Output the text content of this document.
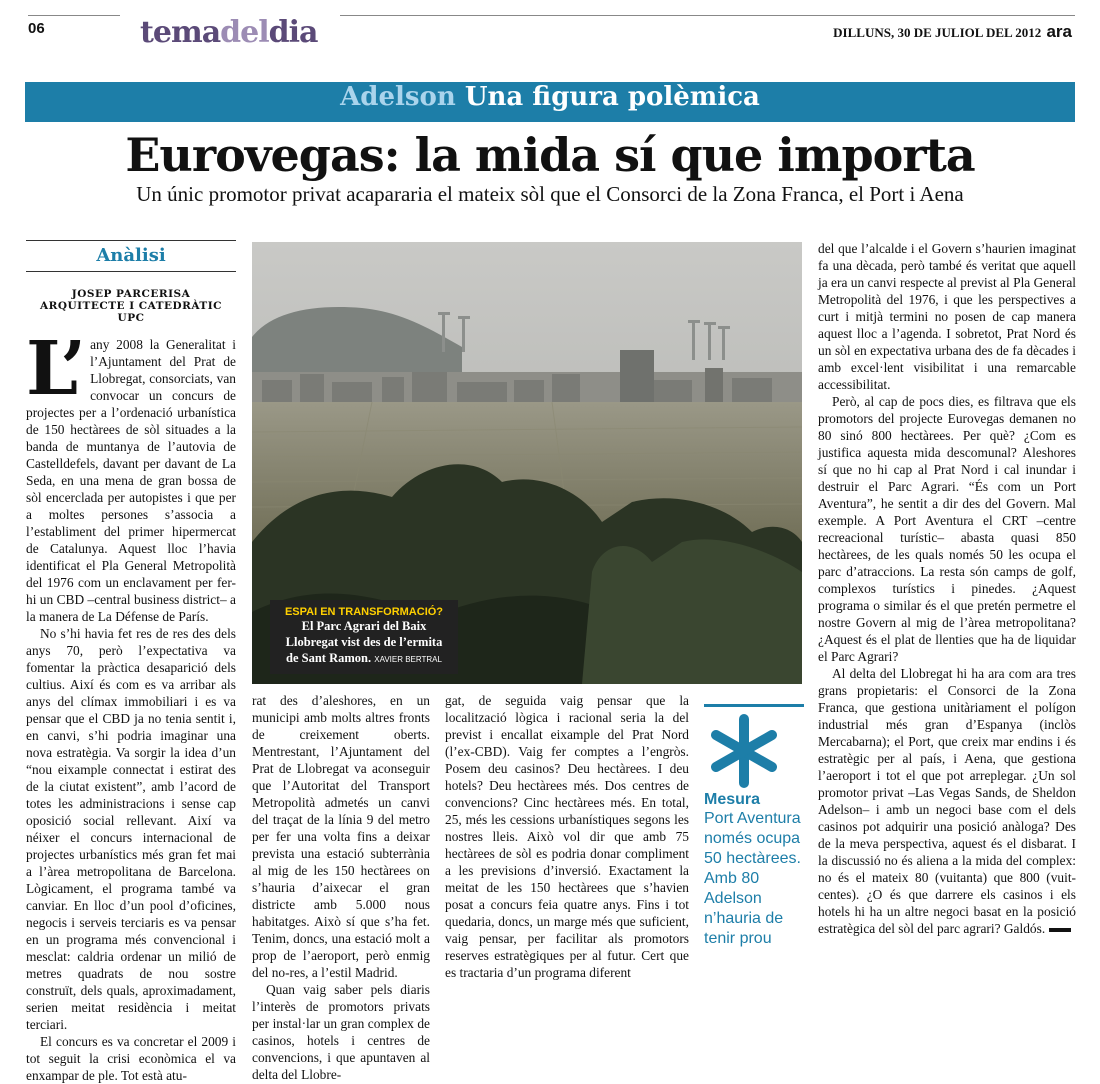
06	temadeldia	DILLUNS, 30 DE JULIOL DEL 2012 ara
Adelson Una figura polèmica
Eurovegas: la mida sí que importa
Un únic promotor privat acapararia el mateix sòl que el Consorci de la Zona Franca, el Port i Aena
Anàlisi
JOSEP PARCERISA
ARQUITECTE I CATEDRÀTIC UPC

L’ any 2008 la Generalitat i l’Ajuntament del Prat de Llobregat, consorciats, van convocar un concurs de projectes per a l’ordenació urbanística de 150 hectàrees de sòl situades a la banda de muntanya de l’autovia de Castelldefels, davant per davant de La Seda, en una mena de gran bossa de sòl encerclada per autopistes i que per a moltes persones s’associa a l’establiment del primer hipermercat de Catalunya. Aquest lloc l’havia identificat el Pla General Metropolità del 1976 com un enclavament per fer-hi un CBD –central business district– a la manera de La Défense de París.

No s’hi havia fet res de res des dels anys 70, però l’expectativa va fomentar la pràctica desaparició dels cultius. Així és com es va arribar als anys del clímax immobiliari i es va pensar que el CBD ja no tenia sentit i, en canvi, s’hi podria imaginar una nova estratègia. Va sorgir la idea d’un “nou eixample connectat i estirat des de la ciutat existent”, amb l’acord de totes les administracions i sense cap oposició social rellevant. Així va néixer el concurs internacional de projectes urbanístics més gran fet mai a l’àrea metropolitana de Barcelona. Lògicament, el programa també va canviar. En lloc d’un pool d’oficines, negocis i serveis terciaris es va pensar en un programa més convencional i mesclat: caldria ordenar un milió de metres quadrats de nou sostre construït, dels quals, aproximadament, serien meitat residència i meitat terciari.

El concurs es va concretar el 2009 i tot seguit la crisi econòmica el va enxampar de ple. Tot està atu-

ESPAI EN TRANSFORMACIÓ?
El Parc Agrari del Baix Llobregat vist des de l’ermita de Sant Ramon. XAVIER BERTRAL

rat des d’aleshores, en un municipi amb molts altres fronts de creixement oberts. Mentrestant, l’Ajuntament del Prat de Llobregat va aconseguir que l’Autoritat del Transport Metropolità admetés un canvi del traçat de la línia 9 del metro per fer una volta fins a deixar prevista una estació subterrània al mig de les 150 hectàrees on s’hauria d’aixecar el gran districte amb 5.000 nous habitatges. Això sí que s’ha fet. Tenim, doncs, una estació molt a prop de l’aeroport, però enmig del no-res, a l’estil Madrid.

Quan vaig saber pels diaris l’interès de promotors privats per instal·lar un gran complex de casinos, hotels i centres de convencions, i que apuntaven al delta del Llobre-

gat, de seguida vaig pensar que la localització lògica i racional seria la del previst i encallat eixample del Prat Nord (l’ex-CBD). Vaig fer comptes a l’engròs. Posem deu casinos? Deu hectàrees. I deu hotels? Deu hectàrees més. Dos centres de convencions? Cinc hectàrees més. En total, 25, més les cessions urbanístiques segons les nostres lleis. Això vol dir que amb 75 hectàrees de sòl es podria donar compliment a les previsions d’inversió. Exactament la meitat de les 150 hectàrees que s’havien posat a concurs feia quatre anys. Fins i tot quedaria, doncs, un marge més que suficient, vaig pensar, per facilitar als promotors reserves estratègiques per al futur. Cert que es tractaria d’un programa diferent

Mesura
Port Aventura només ocupa 50 hectàrees. Amb 80 Adelson n’hauria de tenir prou

del que l’alcalde i el Govern s’haurien imaginat fa una dècada, però també és veritat que aquell ja era un canvi respecte al previst al Pla General Metropolità del 1976, i que les perspectives a curt i mitjà termini no posen de cap manera aquest lloc a l’agenda. I sobretot, Prat Nord és un sòl en expectativa urbana des de fa dècades i amb excel·lent visibilitat i una remarcable accessibilitat.

Però, al cap de pocs dies, es filtrava que els promotors del projecte Eurovegas demanen no 80 sinó 800 hectàrees. Per què? ¿Com es justifica aquesta mida descomunal? Aleshores sí que no hi cap al Prat Nord i cal inundar i destruir el Parc Agrari. “És com un Port Aventura”, he sentit a dir des del Govern. Mal exemple. A Port Aventura el CRT –centre recreacional turístic– abasta quasi 850 hectàrees, de les quals només 50 les ocupa el parc d’atraccions. La resta són camps de golf, complexos turístics i pinedes. ¿Aquest programa o similar és el que pretén permetre el nostre Govern al mig de l’àrea metropolitana? ¿Aquest és el plat de llenties que ha de liquidar el Parc Agrari?

Al delta del Llobregat hi ha ara com ara tres grans propietaris: el Consorci de la Zona Franca, que gestiona unitàriament el polígon industrial més gran d’Espanya (inclòs Mercabarna); el Port, que creix mar endins i és estratègic per al país, i Aena, que gestiona l’aeroport i tot el que pot arreplegar. ¿Un sol promotor privat –Las Vegas Sands, de Sheldon Adelson– i amb un negoci base com el dels casinos pot adquirir una posició anàloga? Des de la meva perspectiva, aquest és el disbarat. I la discussió no és aliena a la mida del complex: no és el mateix 80 (vuitanta) que 800 (vuit-centes). ¿O és que darrere els casinos i els hotels hi ha un altre negoci basat en la posició estratègica del sòl del parc agrari? Galdós.
